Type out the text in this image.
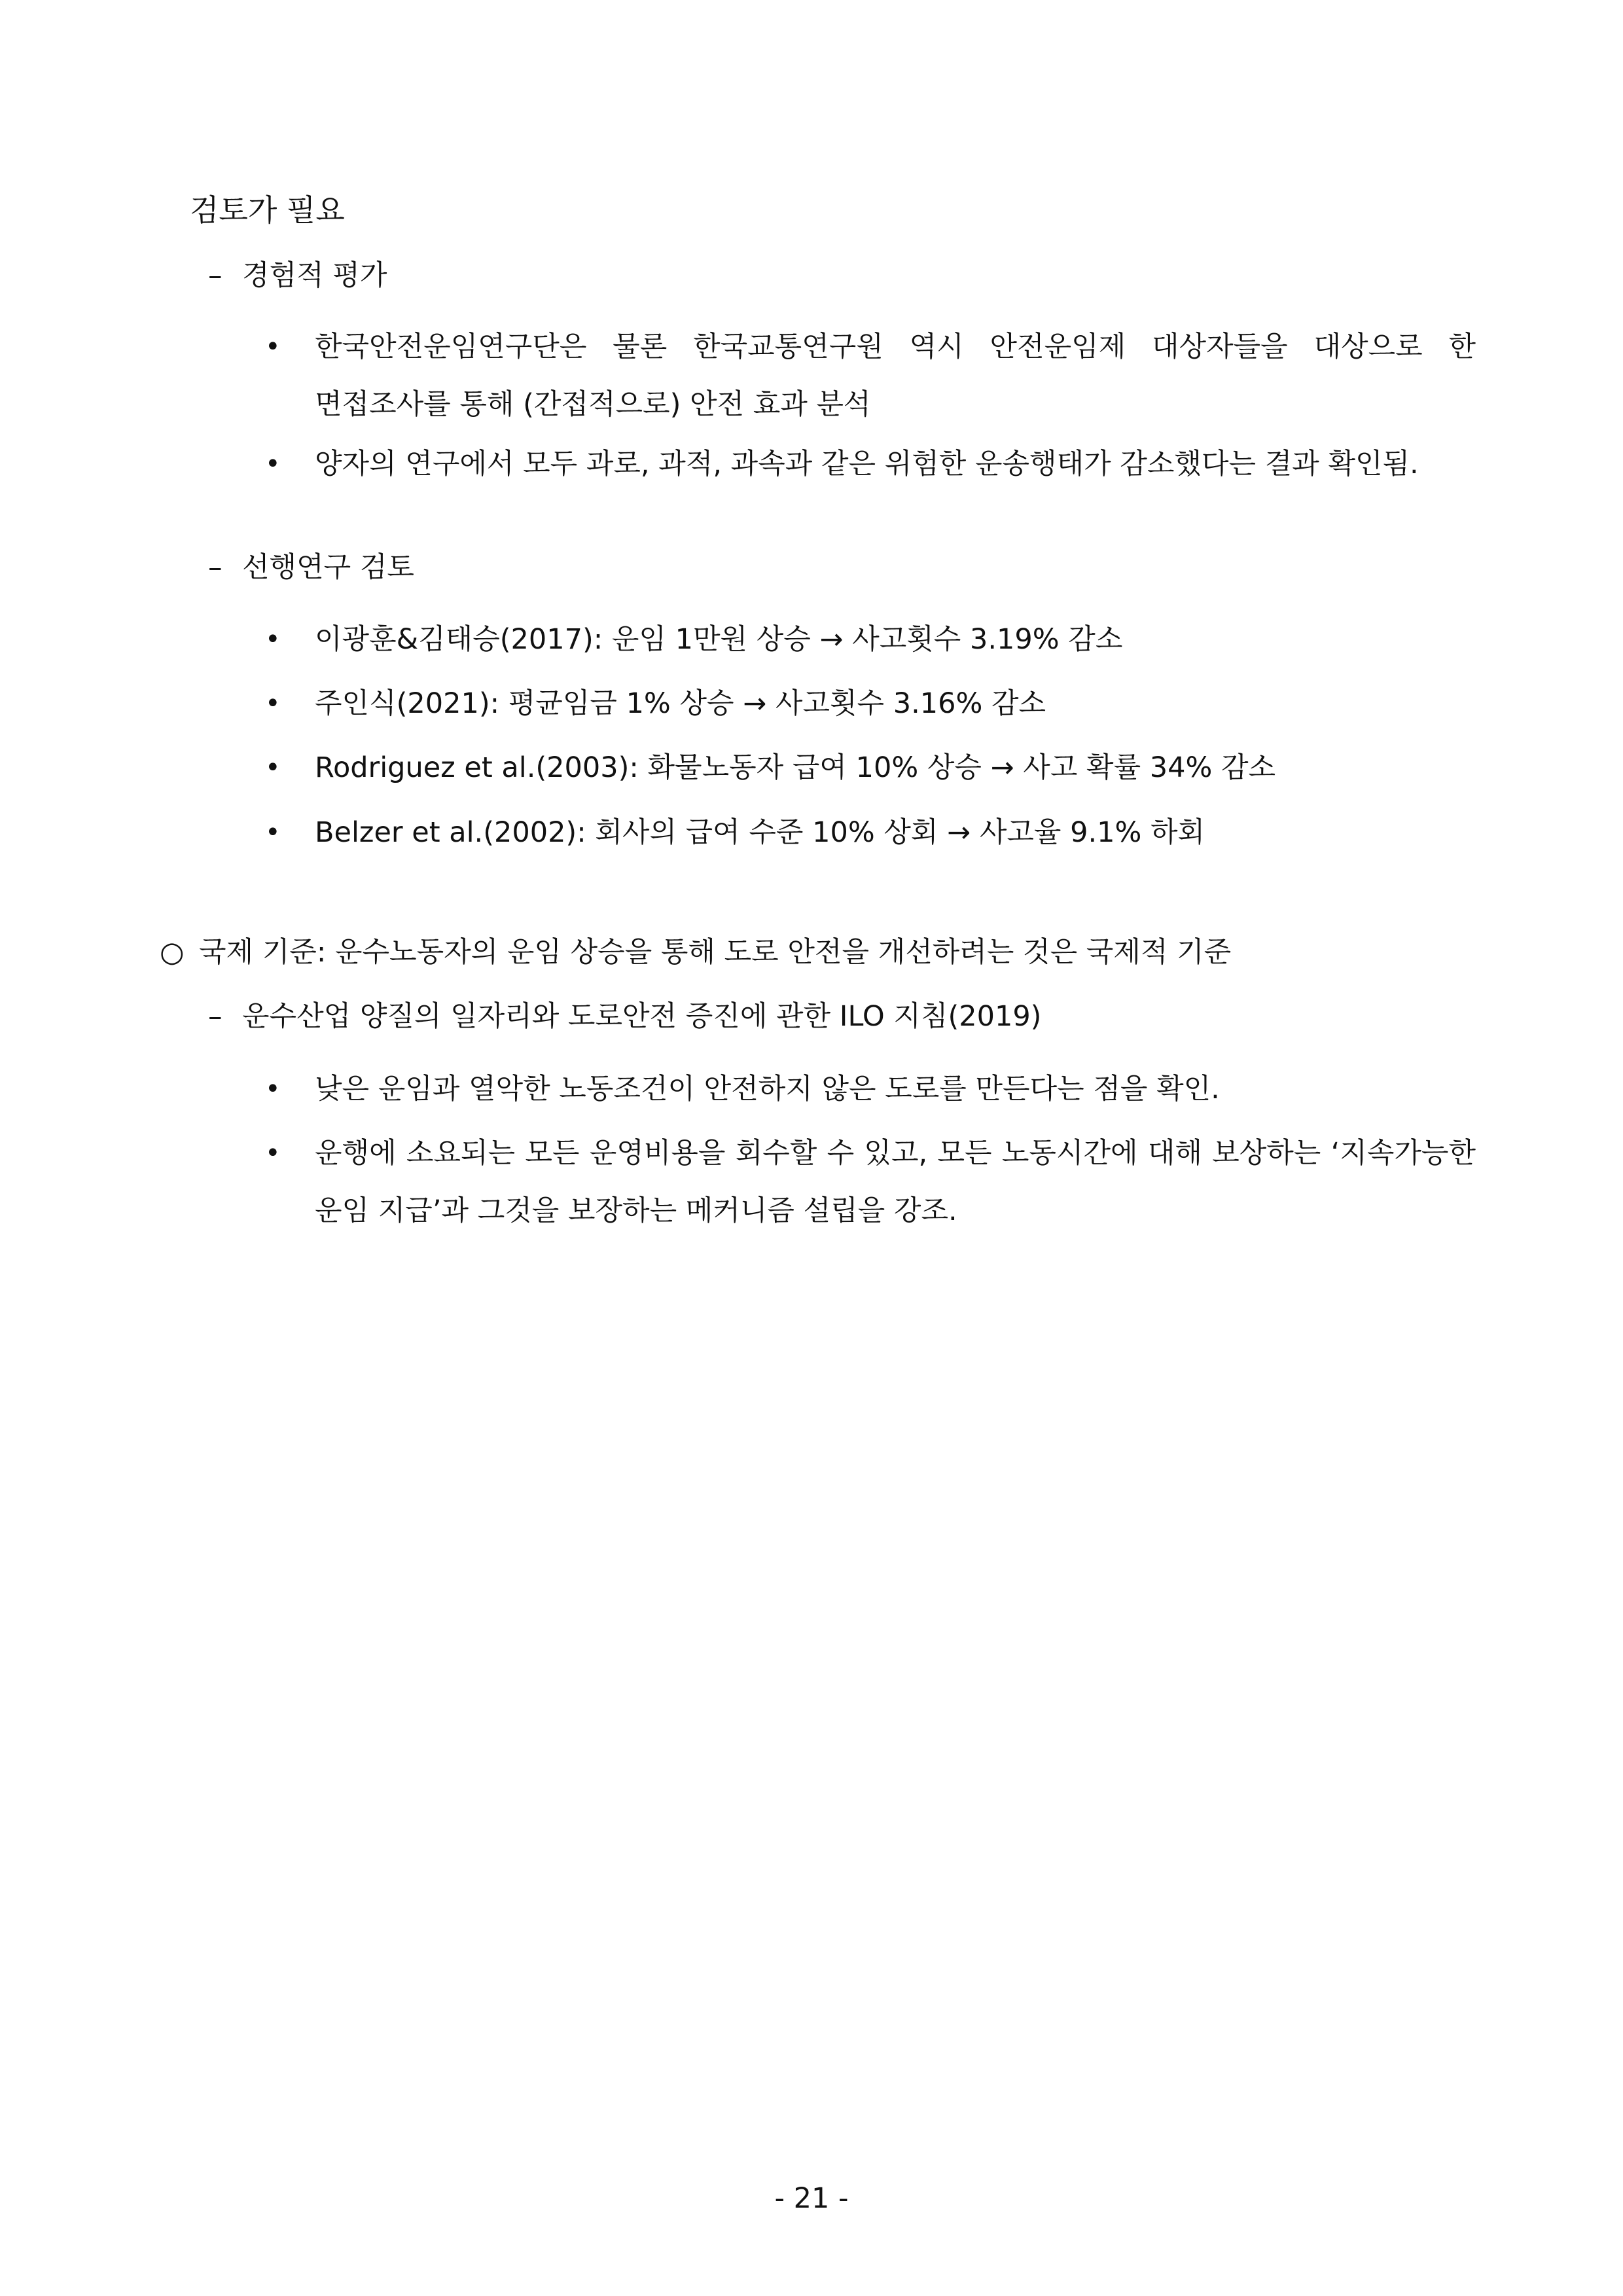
검토가 필요
– 경험적 평가
•	한국안전운임연구단은 물론 한국교통연구원 역시 안전운임제 대상자들을 대상으로 한 면접조사를 통해 (간접적으로) 안전 효과 분석
•	양자의 연구에서 모두 과로, 과적, 과속과 같은 위험한 운송행태가 감소했다는 결과 확인됨.
– 선행연구 검토
•	이광훈&김태승(2017): 운임 1만원 상승 → 사고횟수 3.19% 감소
•	주인식(2021): 평균임금 1% 상승 → 사고횟수 3.16% 감소
•	Rodriguez et al.(2003): 화물노동자 급여 10% 상승 → 사고 확률 34% 감소
•	Belzer et al.(2002): 회사의 급여 수준 10% 상회 → 사고율 9.1% 하회
○ 국제 기준: 운수노동자의 운임 상승을 통해 도로 안전을 개선하려는 것은 국제적 기준
– 운수산업 양질의 일자리와 도로안전 증진에 관한 ILO 지침(2019)
•	낮은 운임과 열악한 노동조건이 안전하지 않은 도로를 만든다는 점을 확인.
•	운행에 소요되는 모든 운영비용을 회수할 수 있고, 모든 노동시간에 대해 보상하는 ‘지속가능한 운임 지급’과 그것을 보장하는 메커니즘 설립을 강조.
- 21 -
